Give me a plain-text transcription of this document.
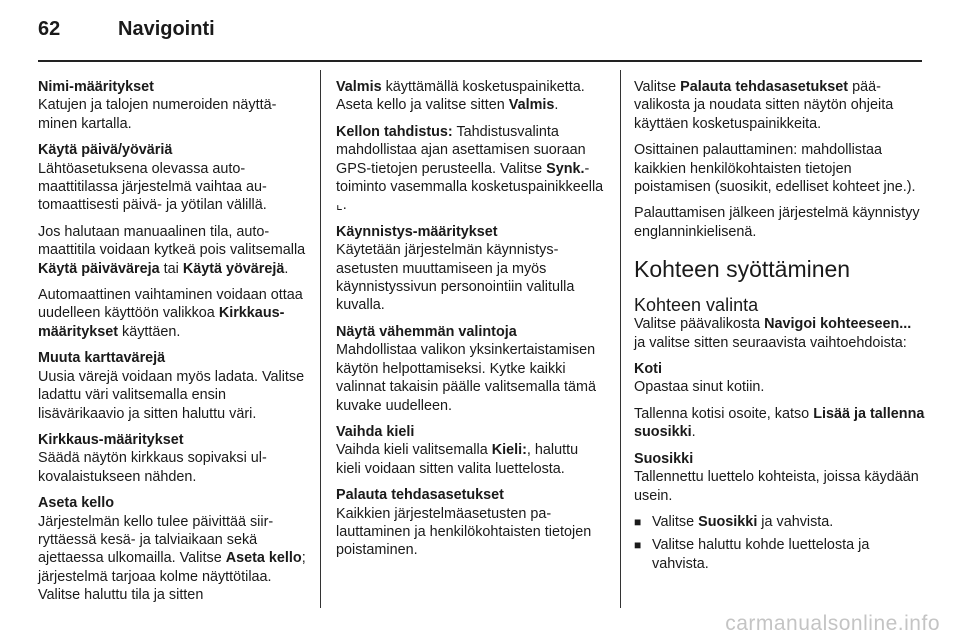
62	Navigointi
Nimi-määritykset
Katujen ja talojen numeroiden näyttäminen kartalla.
Käytä päivä/yöväriä

Lähtöasetuksena olevassa automaattitilassa järjestelmä vaihtaa automaattisesti päivä- ja yötilan välillä.

Jos halutaan manuaalinen tila, automaattitila voidaan kytkeä pois valitsemalla Käytä päiväväreja tai Käytä yövärejä.

Automaattinen vaihtaminen voidaan ottaa uudelleen käyttöön valikkoa Kirkkaus-määritykset käyttäen.

Muuta karttavärejä
Uusia värejä voidaan myös ladata. Valitse ladattu väri valitsemalla ensin lisävärikaavio ja sitten haluttu väri.
Kirkkaus-määritykset
Säädä näytön kirkkaus sopivaksi ulkovalaistukseen nähden.
Aseta kello
Järjestelmän kello tulee päivittää siirryttäessä kesä- ja talviaikaan sekä ajettaessa ulkomailla. Valitse Aseta kello; järjestelmä tarjoaa kolme näyttötilaa. Valitse haluttu tila ja sitten

Valmis käyttämällä kosketuspainiketta. Aseta kello ja valitse sitten Valmis.

Kellon tahdistus: Tahdistusvalinta mahdollistaa ajan asettamisen suoraan GPS-tietojen perusteella. Valitse Synk.-toiminto vasemmalla kosketuspainikkeella ⌞.

Käynnistys-määritykset
Käytetään järjestelmän käynnistysasetusten muuttamiseen ja myös käynnistyssivun personointiin valitulla kuvalla.
Näytä vähemmän valintoja
Mahdollistaa valikon yksinkertaistamisen käytön helpottamiseksi. Kytke kaikki valinnat takaisin päälle valitsemalla tämä kuvake uudelleen.
Vaihda kieli
Vaihda kieli valitsemalla Kieli:, haluttu kieli voidaan sitten valita luettelosta.
Palauta tehdasasetukset
Kaikkien järjestelmäasetusten palauttaminen ja henkilökohtaisten tietojen poistaminen.

Valitse Palauta tehdasasetukset päävalikosta ja noudata sitten näytön ohjeita käyttäen kosketuspainikkeita.

Osittainen palauttaminen: mahdollistaa kaikkien henkilökohtaisten tietojen poistamisen (suosikit, edelliset kohteet jne.).

Palauttamisen jälkeen järjestelmä käynnistyy englanninkielisenä.

Kohteen syöttäminen
Kohteen valinta

Valitse päävalikosta Navigoi kohteeseen... ja valitse sitten seuraavista vaihtoehdoista:

Koti

Opastaa sinut kotiin.

Tallenna kotisi osoite, katso Lisää ja tallenna suosikki.

Suosikki

Tallennettu luettelo kohteista, joissa käydään usein.

■ Valitse Suosikki ja vahvista.
■ Valitse haluttu kohde luettelosta ja vahvista.
carmanualsonline.info
